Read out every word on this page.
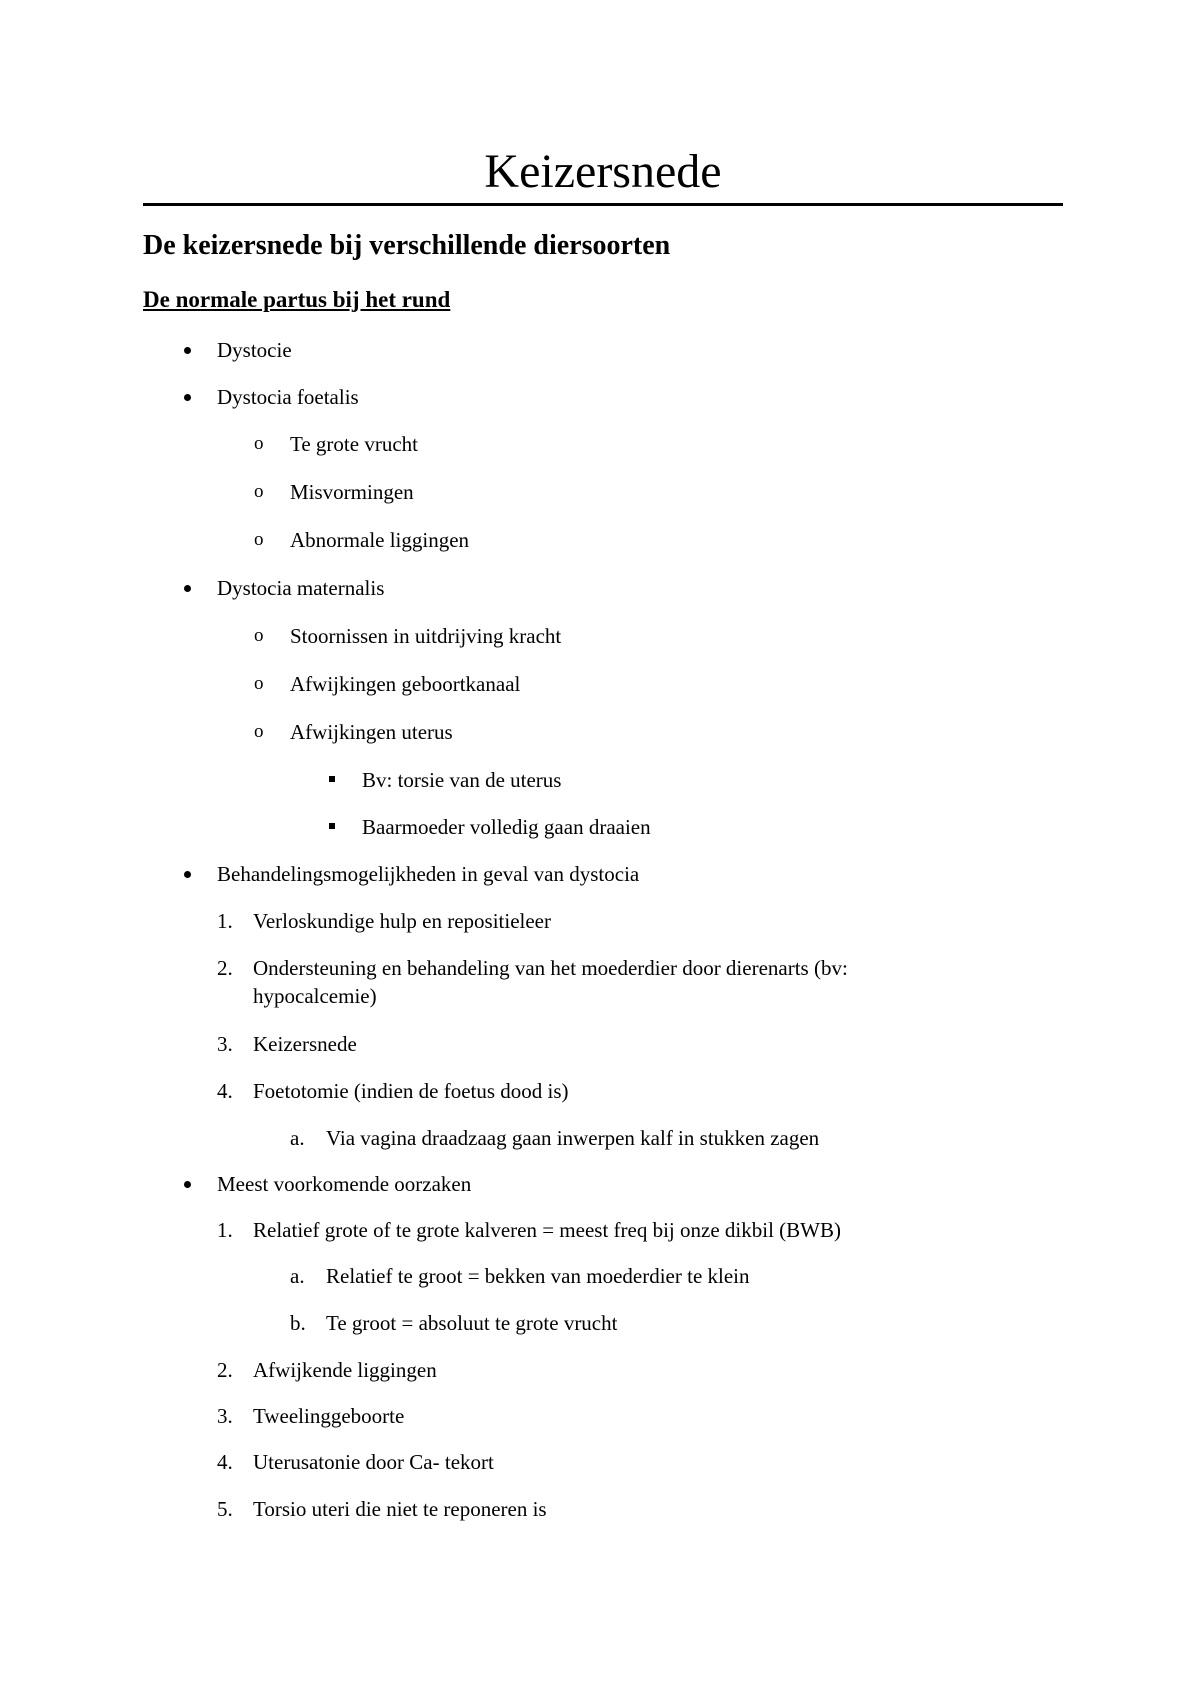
Keizersnede
De keizersnede bij verschillende diersoorten
De normale partus bij het rund
Dystocie
Dystocia foetalis
o Te grote vrucht
o Misvormingen
o Abnormale liggingen
Dystocia maternalis
o Stoornissen in uitdrijving kracht
o Afwijkingen geboortkanaal
o Afwijkingen uterus
Bv: torsie van de uterus
Baarmoeder volledig gaan draaien
Behandelingsmogelijkheden in geval van dystocia
1. Verloskundige hulp en repositieleer
2. Ondersteuning en behandeling van het moederdier door dierenarts (bv:
hypocalcemie)
3. Keizersnede
4. Foetotomie (indien de foetus dood is)
a. Via vagina draadzaag gaan inwerpen kalf in stukken zagen
Meest voorkomende oorzaken
1. Relatief grote of te grote kalveren = meest freq bij onze dikbil (BWB)
a. Relatief te groot = bekken van moederdier te klein
b. Te groot = absoluut te grote vrucht
2. Afwijkende liggingen
3. Tweelinggeboorte
4. Uterusatonie door Ca- tekort
5. Torsio uteri die niet te reponeren is
